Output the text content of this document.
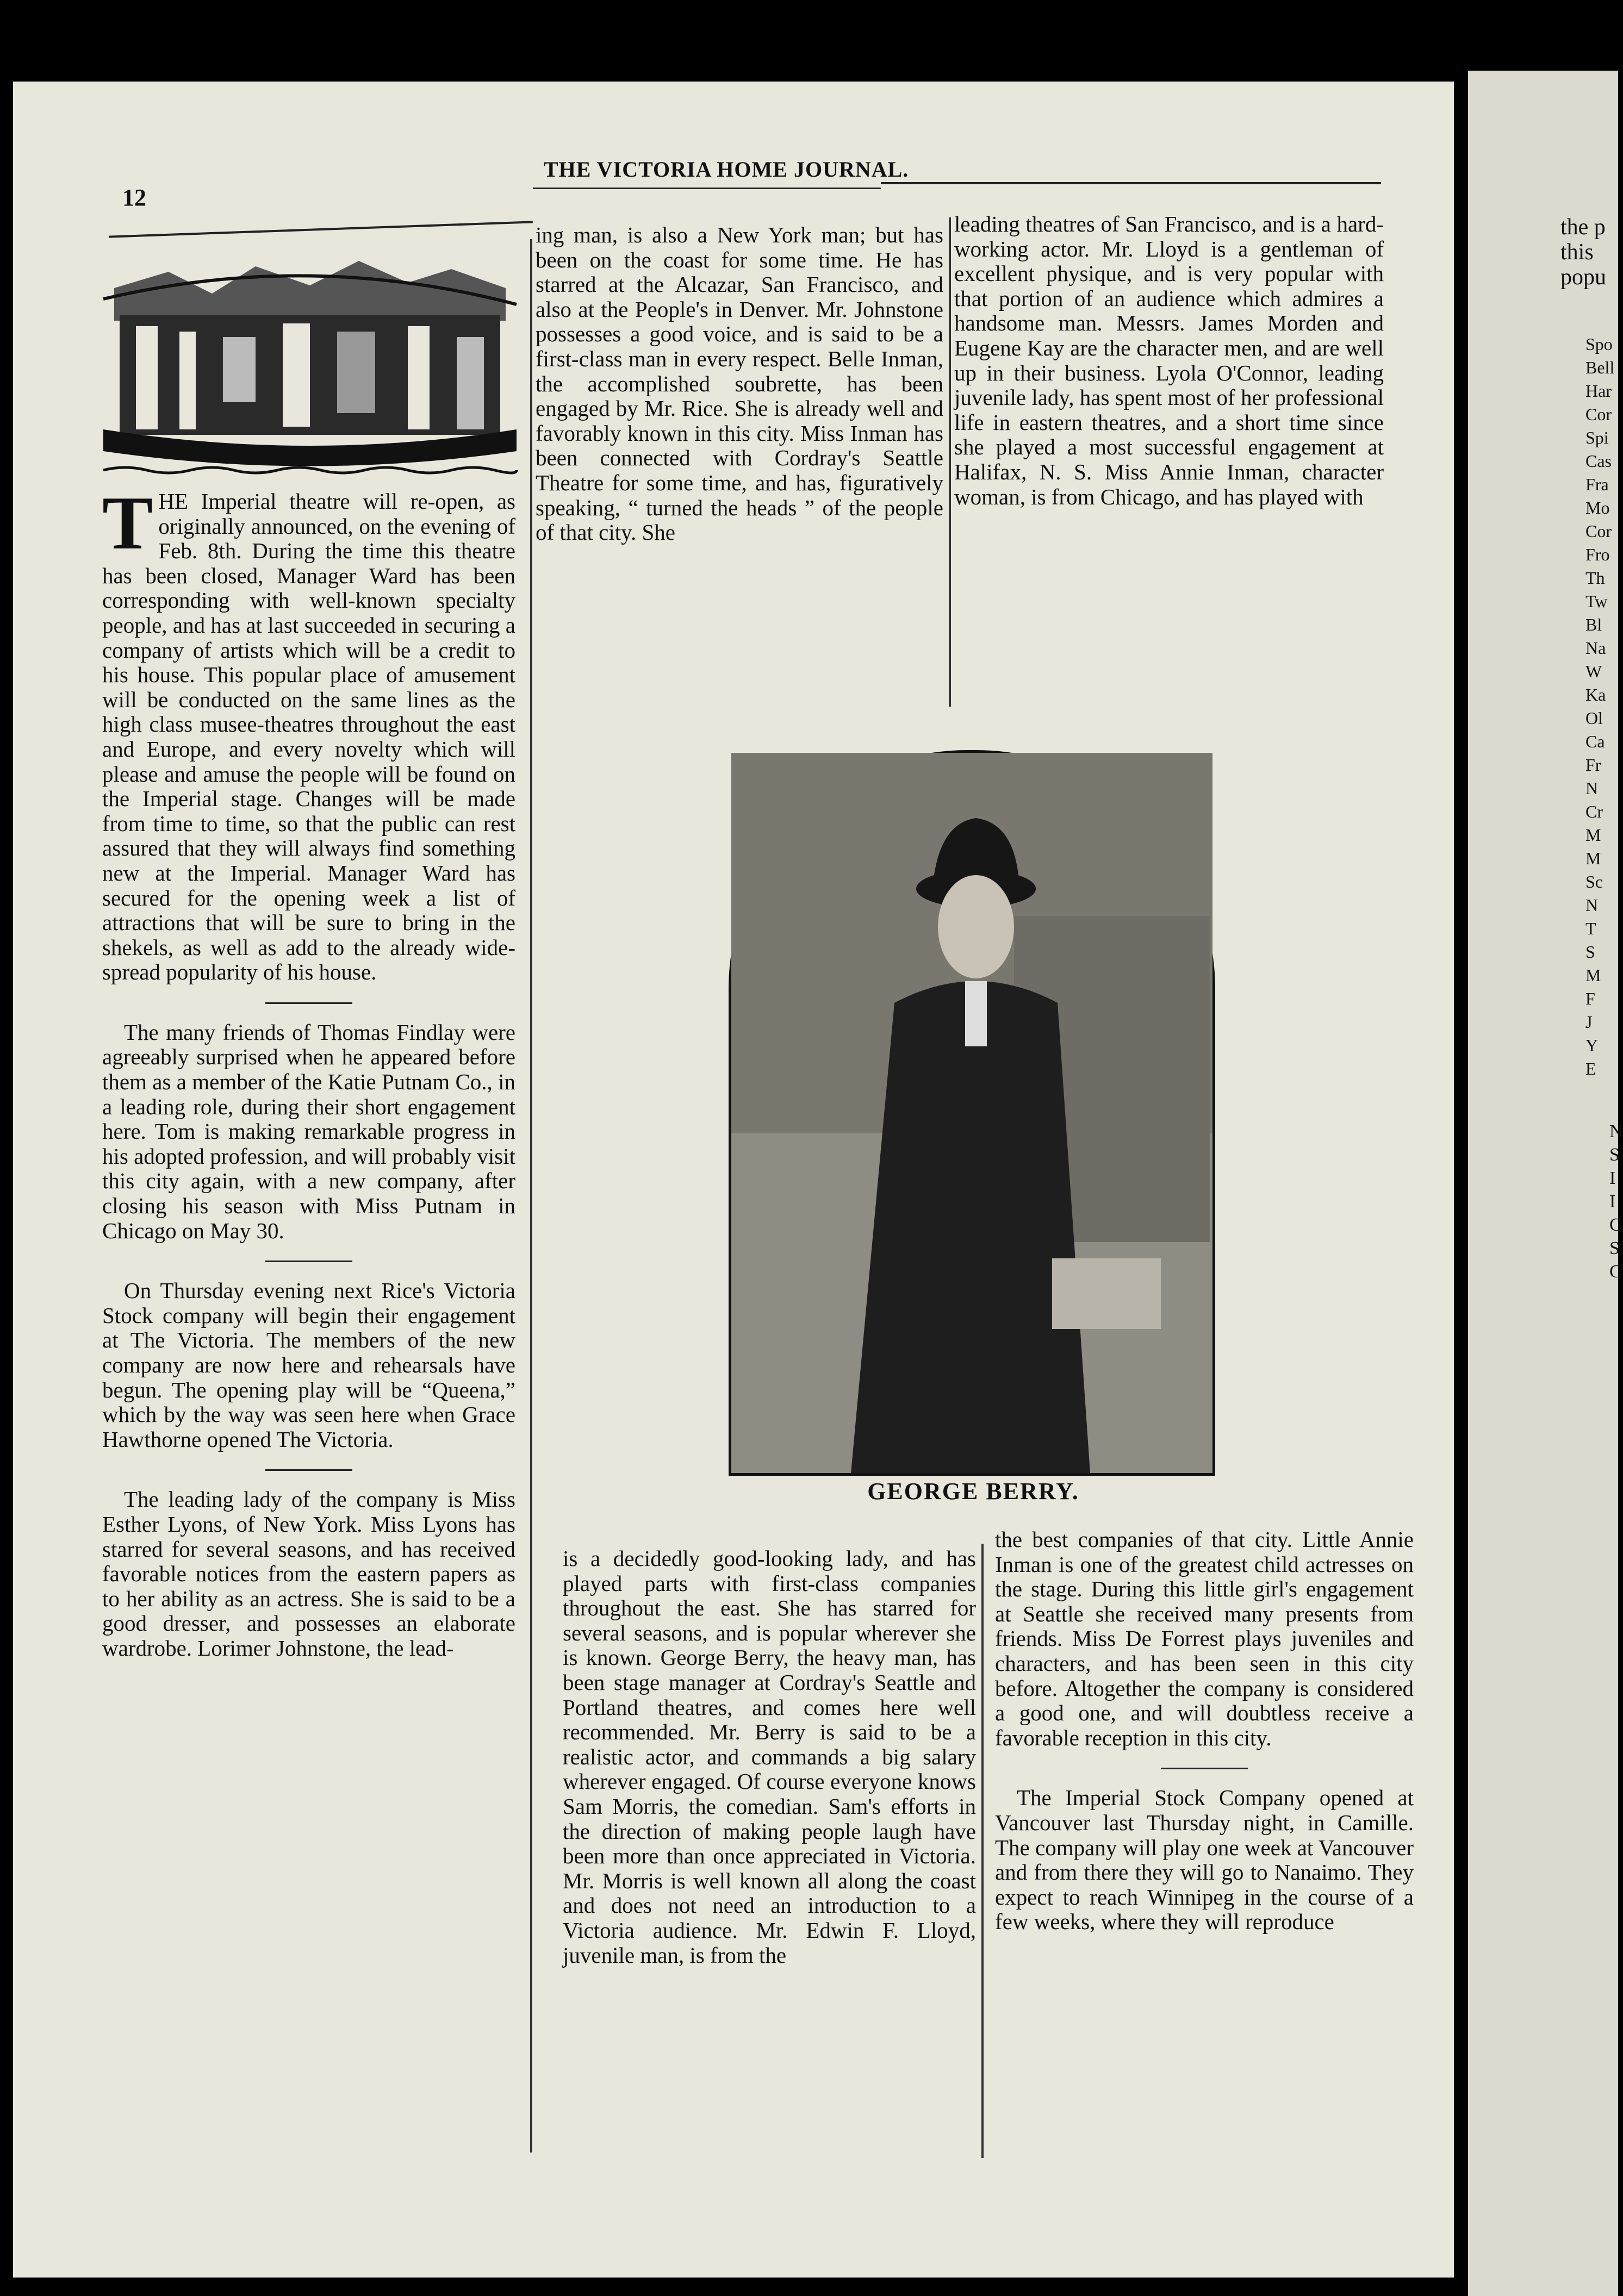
12
THE VICTORIA HOME JOURNAL.

THE Imperial theatre will re-open, as originally announced, on the evening of Feb. 8th. During the time this theatre has been closed, Manager Ward has been corresponding with well-known specialty people, and has at last succeeded in securing a company of artists which will be a credit to his house. This popular place of amusement will be conducted on the same lines as the high class musee-theatres throughout the east and Europe, and every novelty which will please and amuse the people will be found on the Imperial stage. Changes will be made from time to time, so that the public can rest assured that they will always find something new at the Imperial. Manager Ward has secured for the opening week a list of attractions that will be sure to bring in the shekels, as well as add to the already wide-spread popularity of his house.

The many friends of Thomas Findlay were agreeably surprised when he appeared before them as a member of the Katie Putnam Co., in a leading role, during their short engagement here. Tom is making remarkable progress in his adopted profession, and will probably visit this city again, with a new company, after closing his season with Miss Putnam in Chicago on May 30.

On Thursday evening next Rice's Victoria Stock company will begin their engagement at The Victoria. The members of the new company are now here and rehearsals have begun. The opening play will be “Queena,” which by the way was seen here when Grace Hawthorne opened The Victoria.

The leading lady of the company is Miss Esther Lyons, of New York. Miss Lyons has starred for several seasons, and has received favorable notices from the eastern papers as to her ability as an actress. She is said to be a good dresser, and possesses an elaborate wardrobe. Lorimer Johnstone, the lead-

ing man, is also a New York man; but has been on the coast for some time. He has starred at the Alcazar, San Francisco, and also at the People's in Denver. Mr. Johnstone possesses a good voice, and is said to be a first-class man in every respect. Belle Inman, the accomplished soubrette, has been engaged by Mr. Rice. She is already well and favorably known in this city. Miss Inman has been connected with Cordray's Seattle Theatre for some time, and has, figuratively speaking, “ turned the heads ” of the people of that city. She
leading theatres of San Francisco, and is a hard-working actor. Mr. Lloyd is a gentleman of excellent physique, and is very popular with that portion of an audience which admires a handsome man. Messrs. James Morden and Eugene Kay are the character men, and are well up in their business. Lyola O'Connor, leading juvenile lady, has spent most of her professional life in eastern theatres, and a short time since she played a most successful engagement at Halifax, N. S. Miss Annie Inman, character woman, is from Chicago, and has played with
GEORGE BERRY.
is a decidedly good-looking lady, and has played parts with first-class companies throughout the east. She has starred for several seasons, and is popular wherever she is known. George Berry, the heavy man, has been stage manager at Cordray's Seattle and Portland theatres, and comes here well recommended. Mr. Berry is said to be a realistic actor, and commands a big salary wherever engaged. Of course everyone knows Sam Morris, the comedian. Sam's efforts in the direction of making people laugh have been more than once appreciated in Victoria. Mr. Morris is well known all along the coast and does not need an introduction to a Victoria audience. Mr. Edwin F. Lloyd, juvenile man, is from the

the best companies of that city. Little Annie Inman is one of the greatest child actresses on the stage. During this little girl's engagement at Seattle she received many presents from friends. Miss De Forrest plays juveniles and characters, and has been seen in this city before. Altogether the company is considered a good one, and will doubtless receive a favorable reception in this city.

The Imperial Stock Company opened at Vancouver last Thursday night, in Camille. The company will play one week at Vancouver and from there they will go to Nanaimo. They expect to reach Winnipeg in the course of a few weeks, where they will reproduce

the p
this
popu
Spo
Bell
Har
Cor
Spi
Cas
Fra
Mo
Cor
Fro
Th
Tw
Bl
Na
W
Ka
Ol
Ca
Fr
N
Cr
M
M
Sc
N
T
S
M
F
J
Y
E
N
S
I
I
C
S
C
